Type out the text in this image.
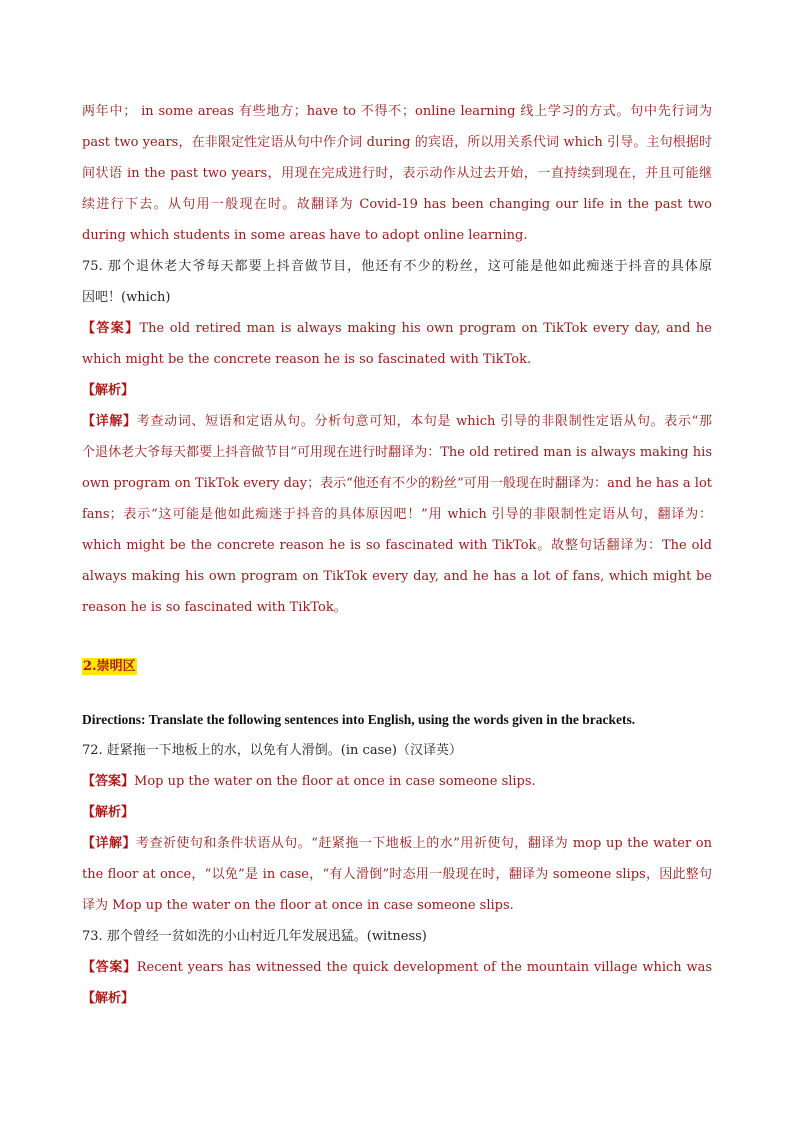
两年中； in some areas 有些地方；have to 不得不；online learning 线上学习的方式。句中先行词为
past two years，在非限定性定语从句中作介词 during 的宾语，所以用关系代词 which 引导。主句根据时
间状语 in the past two years，用现在完成进行时，表示动作从过去开始，一直持续到现在，并且可能继
续进行下去。从句用一般现在时。故翻译为 Covid-19 has been changing our life in the past two
during which students in some areas have to adopt online learning.
75. 那个退休老大爷每天都要上抖音做节目，他还有不少的粉丝，这可能是他如此痴迷于抖音的具体原
因吧！(which)
【答案】The old retired man is always making his own program on TikTok every day, and he
which might be the concrete reason he is so fascinated with TikTok.
【解析】
【详解】考查动词、短语和定语从句。分析句意可知，本句是 which 引导的非限制性定语从句。表示“那
个退休老大爷每天都要上抖音做节目”可用现在进行时翻译为：The old retired man is always making his
own program on TikTok every day；表示“他还有不少的粉丝”可用一般现在时翻译为：and he has a lot
fans；表示“这可能是他如此痴迷于抖音的具体原因吧！”用 which 引导的非限制性定语从句，翻译为：
which might be the concrete reason he is so fascinated with TikTok。故整句话翻译为：The old
always making his own program on TikTok every day, and he has a lot of fans, which might be
reason he is so fascinated with TikTok。
2.崇明区
Directions: Translate the following sentences into English, using the words given in the brackets.
72. 赶紧拖一下地板上的水，以免有人滑倒。(in case)（汉译英）
【答案】Mop up the water on the floor at once in case someone slips.
【解析】
【详解】考查祈使句和条件状语从句。“赶紧拖一下地板上的水”用祈使句，翻译为 mop up the water on
the floor at once，“以免”是 in case，“有人滑倒”时态用一般现在时，翻译为 someone slips，因此整句
译为 Mop up the water on the floor at once in case someone slips.
73. 那个曾经一贫如洗的小山村近几年发展迅猛。(witness)
【答案】Recent years has witnessed the quick development of the mountain village which was
【解析】
